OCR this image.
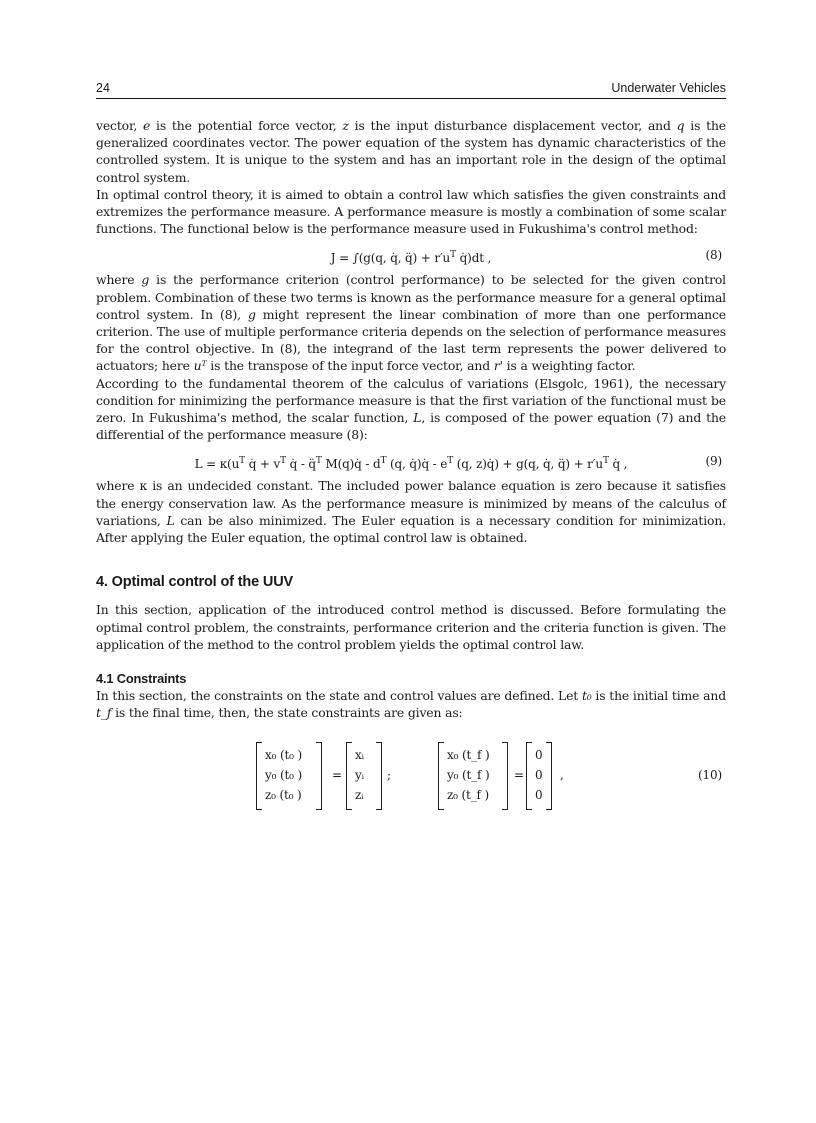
24	Underwater Vehicles

vector, e is the potential force vector, z is the input disturbance displacement vector, and q is the generalized coordinates vector. The power equation of the system has dynamic characteristics of the controlled system. It is unique to the system and has an important role in the design of the optimal control system.

In optimal control theory, it is aimed to obtain a control law which satisfies the given constraints and extremizes the performance measure. A performance measure is mostly a combination of some scalar functions. The functional below is the performance measure used in Fukushima's control method:

J = ∫(g(q, q̇, q̈) + $r'u^T$ q̇)dt ,	(8)

where g is the performance criterion (control performance) to be selected for the given control problem. Combination of these two terms is known as the performance measure for a general optimal control system. In (8), g might represent the linear combination of more than one performance criterion. The use of multiple performance criteria depends on the selection of performance measures for the control objective. In (8), the integrand of the last term represents the power delivered to actuators; here uᵀ is the transpose of the input force vector, and r' is a weighting factor.

According to the fundamental theorem of the calculus of variations (Elsgolc, 1961), the necessary condition for minimizing the performance measure is that the first variation of the functional must be zero. In Fukushima's method, the scalar function, L, is composed of the power equation (7) and the differential of the performance measure (8):

$L = \kappa(u^T$ q̇ + $v^T$ q̇ - q̈$^T$ M(q)q̇ - $d^T$ (q, q̇)q̇ - $e^T$ (q, z)q̇) + g(q, q̇, q̈) + $r'u^T$ q̇ ,	(9)

where κ is an undecided constant. The included power balance equation is zero because it satisfies the energy conservation law. As the performance measure is minimized by means of the calculus of variations, L can be also minimized. The Euler equation is a necessary condition for minimization. After applying the Euler equation, the optimal control law is obtained.

4. Optimal control of the UUV

In this section, application of the introduced control method is discussed. Before formulating the optimal control problem, the constraints, performance criterion and the criteria function is given. The application of the method to the control problem yields the optimal control law.

4.1 Constraints

In this section, the constraints on the state and control values are defined. Let t₀ is the initial time and t_f is the final time, then, the state constraints are given as:

x₀ (t₀ )
y₀ (t₀ )
z₀ (t₀ )
=
xᵢ
yᵢ
zᵢ
;
x₀ (t_f )
y₀ (t_f )
z₀ (t_f )
=
0
0
0
,	(10)
